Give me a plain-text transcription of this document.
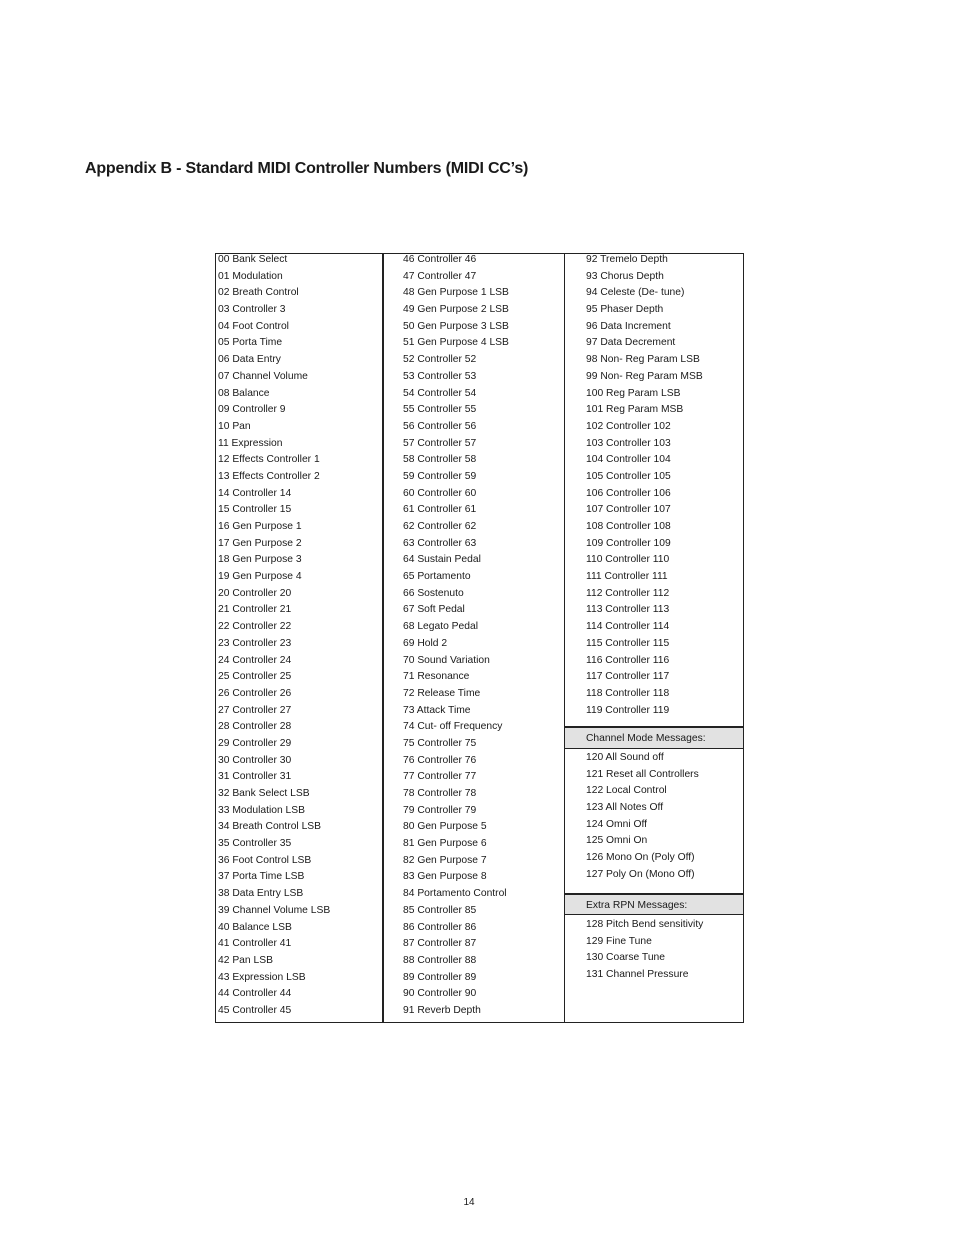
Appendix B - Standard MIDI Controller Numbers (MIDI CC’s)
00 Bank Select
01 Modulation
02 Breath Control
03 Controller 3
04 Foot Control
05 Porta Time
06 Data Entry
07 Channel Volume
08 Balance
09 Controller 9
10 Pan
11 Expression
12 Effects Controller 1
13 Effects Controller 2
14 Controller 14
15 Controller 15
16 Gen Purpose 1
17 Gen Purpose 2
18 Gen Purpose 3
19 Gen Purpose 4
20 Controller 20
21 Controller 21
22 Controller 22
23 Controller 23
24 Controller 24
25 Controller 25
26 Controller 26
27 Controller 27
28 Controller 28
29 Controller 29
30 Controller 30
31 Controller 31
32 Bank Select LSB
33 Modulation LSB
34 Breath Control LSB
35 Controller 35
36 Foot Control LSB
37 Porta Time LSB
38 Data Entry LSB
39 Channel Volume LSB
40 Balance LSB
41 Controller 41
42 Pan LSB
43 Expression LSB
44 Controller 44
45 Controller 45
46 Controller 46
47 Controller 47
48 Gen Purpose 1 LSB
49 Gen Purpose 2 LSB
50 Gen Purpose 3 LSB
51 Gen Purpose 4 LSB
52 Controller 52
53 Controller 53
54 Controller 54
55 Controller 55
56 Controller 56
57 Controller 57
58 Controller 58
59 Controller 59
60 Controller 60
61 Controller 61
62 Controller 62
63 Controller 63
64 Sustain Pedal
65 Portamento
66 Sostenuto
67 Soft Pedal
68 Legato Pedal
69 Hold 2
70 Sound Variation
71 Resonance
72 Release Time
73 Attack Time
74 Cut- off Frequency
75 Controller 75
76 Controller 76
77 Controller 77
78 Controller 78
79 Controller 79
80 Gen Purpose 5
81 Gen Purpose 6
82 Gen Purpose 7
83 Gen Purpose 8
84 Portamento Control
85 Controller 85
86 Controller 86
87 Controller 87
88 Controller 88
89 Controller 89
90 Controller 90
91 Reverb Depth
92 Tremelo Depth
93 Chorus Depth
94 Celeste (De- tune)
95 Phaser Depth
96 Data Increment
97 Data Decrement
98 Non- Reg Param LSB
99 Non- Reg Param MSB
100 Reg Param LSB
101 Reg Param MSB
102 Controller 102
103 Controller 103
104 Controller 104
105 Controller 105
106 Controller 106
107 Controller 107
108 Controller 108
109 Controller 109
110 Controller 110
111 Controller 111
112 Controller 112
113 Controller 113
114 Controller 114
115 Controller 115
116 Controller 116
117 Controller 117
118 Controller 118
119 Controller 119
Channel Mode Messages:
120 All Sound off
121 Reset all Controllers
122 Local Control
123 All Notes Off
124 Omni Off
125 Omni On
126 Mono On (Poly Off)
127 Poly On (Mono Off)
Extra RPN Messages:
128 Pitch Bend sensitivity
129 Fine Tune
130 Coarse Tune
131 Channel Pressure
14
